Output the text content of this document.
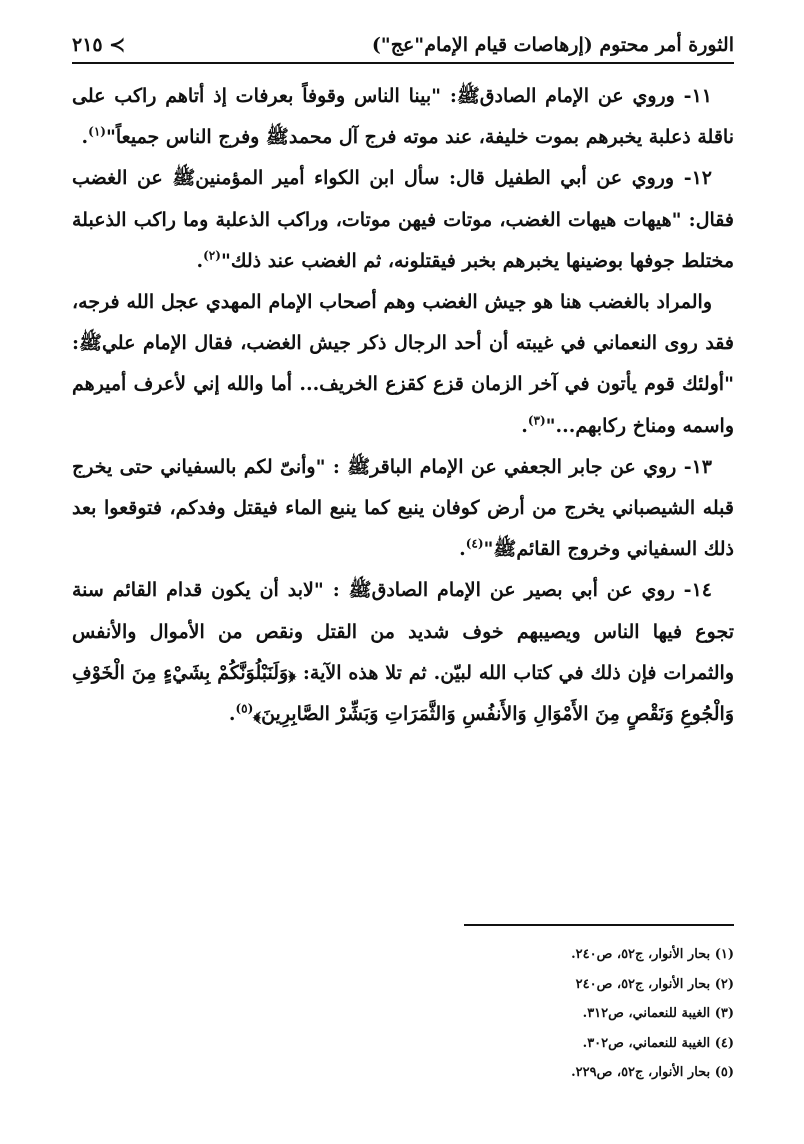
الثورة أمر محتوم (إرهاصات قيام الإمام"عج")
٢١٥ ≺

١١- وروي عن الإمام الصادقﷺ: "بينا الناس وقوفاً بعرفات إذ أتاهم راكب على ناقلة ذعلبة يخبرهم بموت خليفة، عند موته فرج آل محمدﷺ وفرج الناس جميعاً"$^{(١)}$.

١٢- وروي عن أبي الطفيل قال: سأل ابن الكواء أمير المؤمنينﷺ عن الغضب فقال: "هيهات هيهات الغضب، موتات فيهن موتات، وراكب الذعلبة وما راكب الذعبلة مختلط جوفها بوضينها يخبرهم بخبر فيقتلونه، ثم الغضب عند ذلك"$^{(٢)}$.

والمراد بالغضب هنا هو جيش الغضب وهم أصحاب الإمام المهدي عجل الله فرجه، فقد روى النعماني في غيبته أن أحد الرجال ذكر جيش الغضب، فقال الإمام عليﷺ: "أولئك قوم يأتون في آخر الزمان قزع كقزع الخريف... أما والله إني لأعرف أميرهم واسمه ومناخ ركابهم..."$^{(٣)}$.

١٣- روي عن جابر الجعفي عن الإمام الباقرﷺ : "وأنىّ لكم بالسفياني حتى يخرج قبله الشيصباني يخرج من أرض كوفان ينبع كما ينبع الماء فيقتل وفدكم، فتوقعوا بعد ذلك السفياني وخروج القائمﷺ"$^{(٤)}$.

١٤- روي عن أبي بصير عن الإمام الصادقﷺ : "لابد أن يكون قدام القائم سنة تجوع فيها الناس ويصيبهم خوف شديد من القتل ونقص من الأموال والأنفس والثمرات فإن ذلك في كتاب الله لبيّن. ثم تلا هذه الآية: ﴿وَلَنَبْلُوَنَّكُمْ بِشَيْءٍ مِنَ الْخَوْفِ وَالْجُوعِ وَنَقْصٍ مِنَ الأَمْوَالِ وَالأَنفُسِ وَالثَّمَرَاتِ وَبَشِّرْ الصَّابِرِينَ﴾$^{(٥)}$.

(١) بحار الأنوار، ج٥٢، ص٢٤٠.
(٢) بحار الأنوار، ج٥٢، ص٢٤٠
(٣) الغيبة للنعماني، ص٣١٢.
(٤) الغيبة للنعماني، ص٣٠٢.
(٥) بحار الأنوار، ج٥٢، ص٢٢٩.
